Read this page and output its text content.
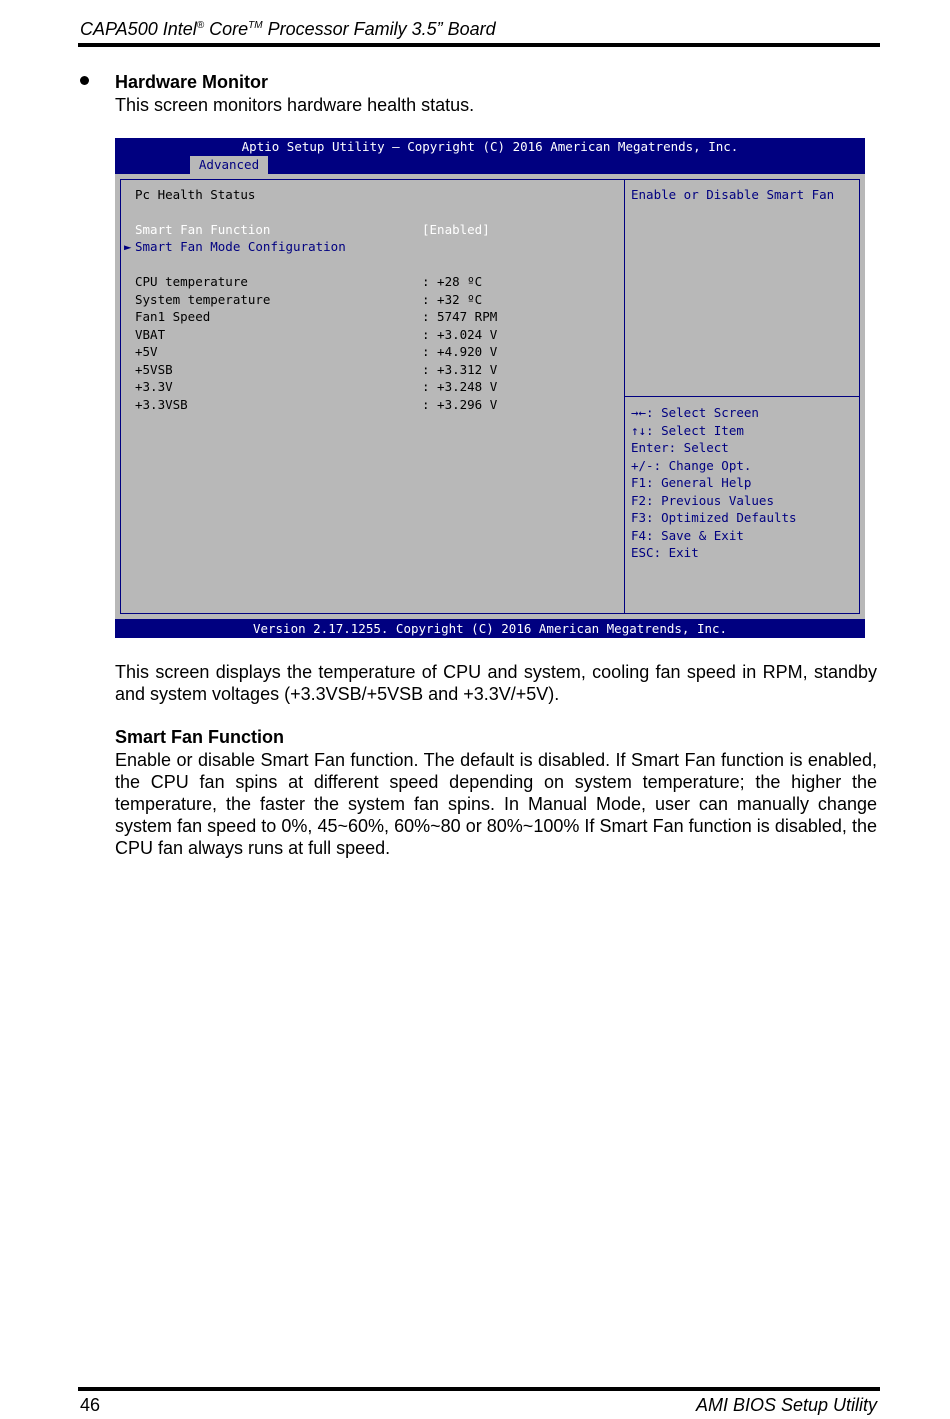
CAPA500 Intel® Core™ Processor Family 3.5” Board
Hardware Monitor
This screen monitors hardware health status.
Aptio Setup Utility – Copyright (C) 2016 American Megatrends, Inc.
Advanced
Pc Health Status
Smart Fan Function	[Enabled]
► Smart Fan Mode Configuration
CPU temperature	: +28 ºC
System temperature	: +32 ºC
Fan1 Speed	: 5747 RPM
VBAT	: +3.024 V
+5V	: +4.920 V
+5VSB	: +3.312 V
+3.3V	: +3.248 V
+3.3VSB	: +3.296 V
Enable or Disable Smart Fan
→←: Select Screen
↑↓: Select Item
Enter: Select
+/-: Change Opt.
F1: General Help
F2: Previous Values
F3: Optimized Defaults
F4: Save & Exit
ESC: Exit
Version 2.17.1255. Copyright (C) 2016 American Megatrends, Inc.
This screen displays the temperature of CPU and system, cooling fan speed in RPM, standby and system voltages (+3.3VSB/+5VSB and +3.3V/+5V).
Smart Fan Function
Enable or disable Smart Fan function. The default is disabled. If Smart Fan function is enabled, the CPU fan spins at different speed depending on system temperature; the higher the temperature, the faster the system fan spins. In Manual Mode, user can manually change system fan speed to 0%, 45~60%, 60%~80 or 80%~100% If Smart Fan function is disabled, the CPU fan always runs at full speed.
46	AMI BIOS Setup Utility
